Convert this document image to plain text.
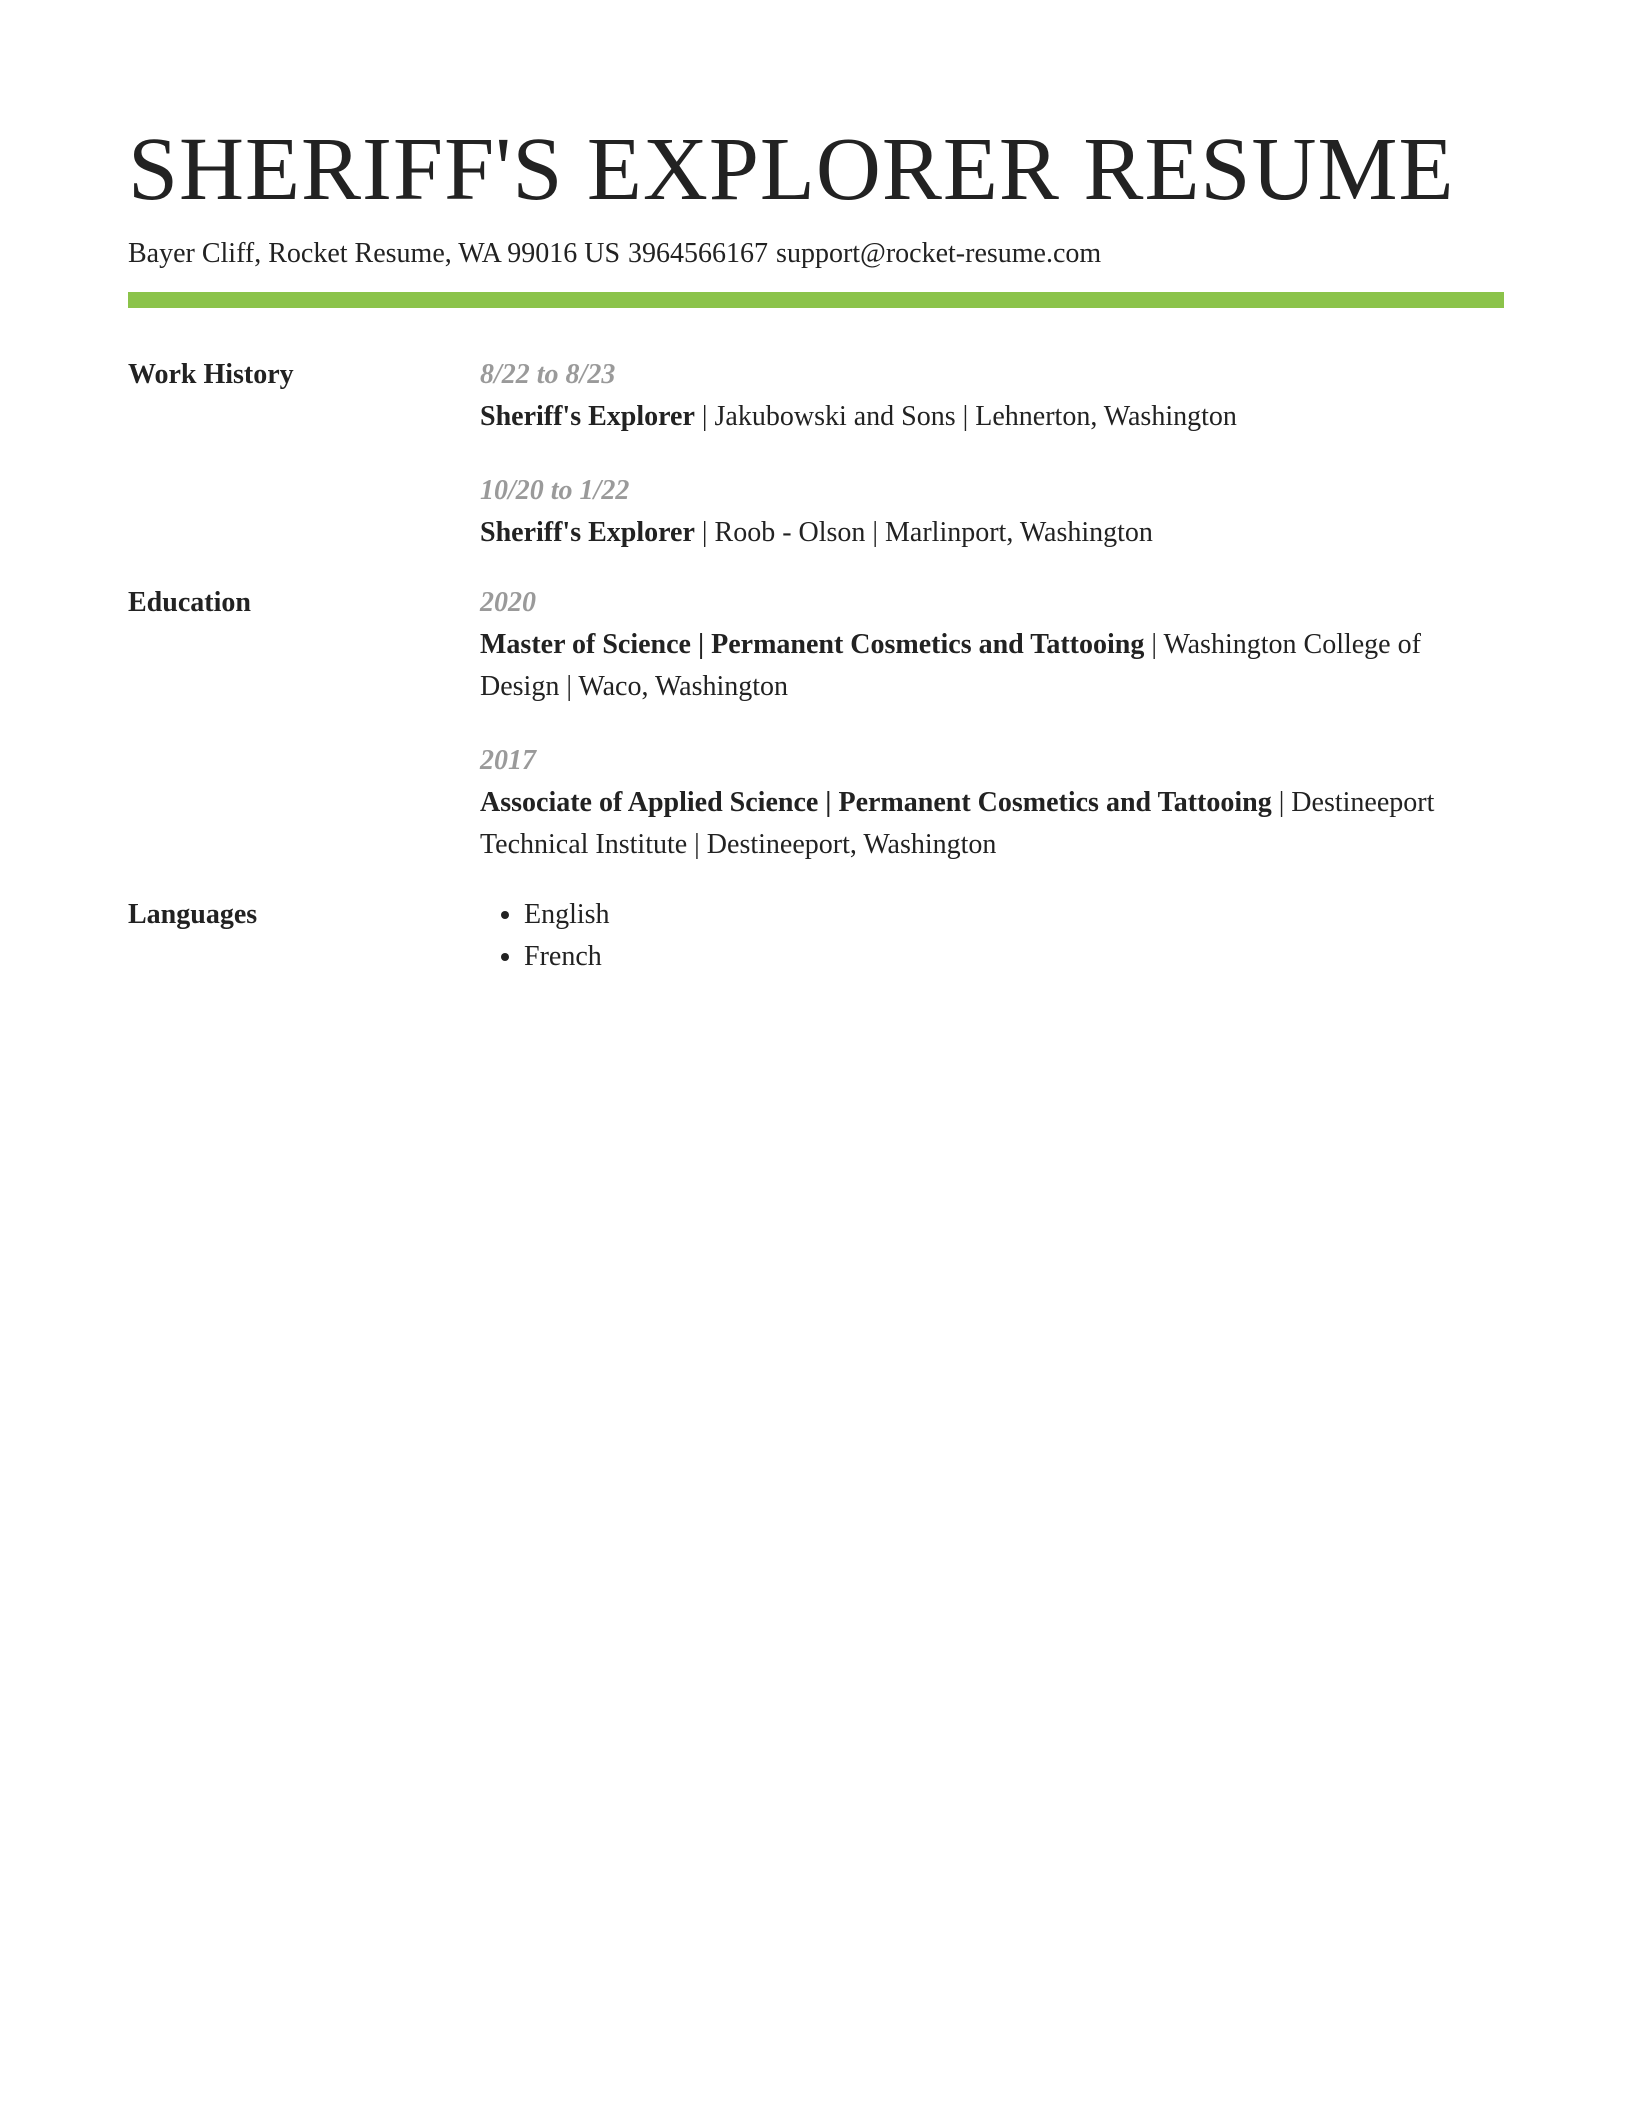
SHERIFF'S EXPLORER RESUME
Bayer Cliff, Rocket Resume, WA 99016 US 3964566167 support@rocket-resume.com
Work History	8/22 to 8/23
Sheriff's Explorer | Jakubowski and Sons | Lehnerton, Washington
10/20 to 1/22
Sheriff's Explorer | Roob - Olson | Marlinport, Washington
Education	2020
Master of Science | Permanent Cosmetics and Tattooing | Washington College of Design | Waco, Washington
2017
Associate of Applied Science | Permanent Cosmetics and Tattooing | Destineeport Technical Institute | Destineeport, Washington
Languages
•	English
• French
